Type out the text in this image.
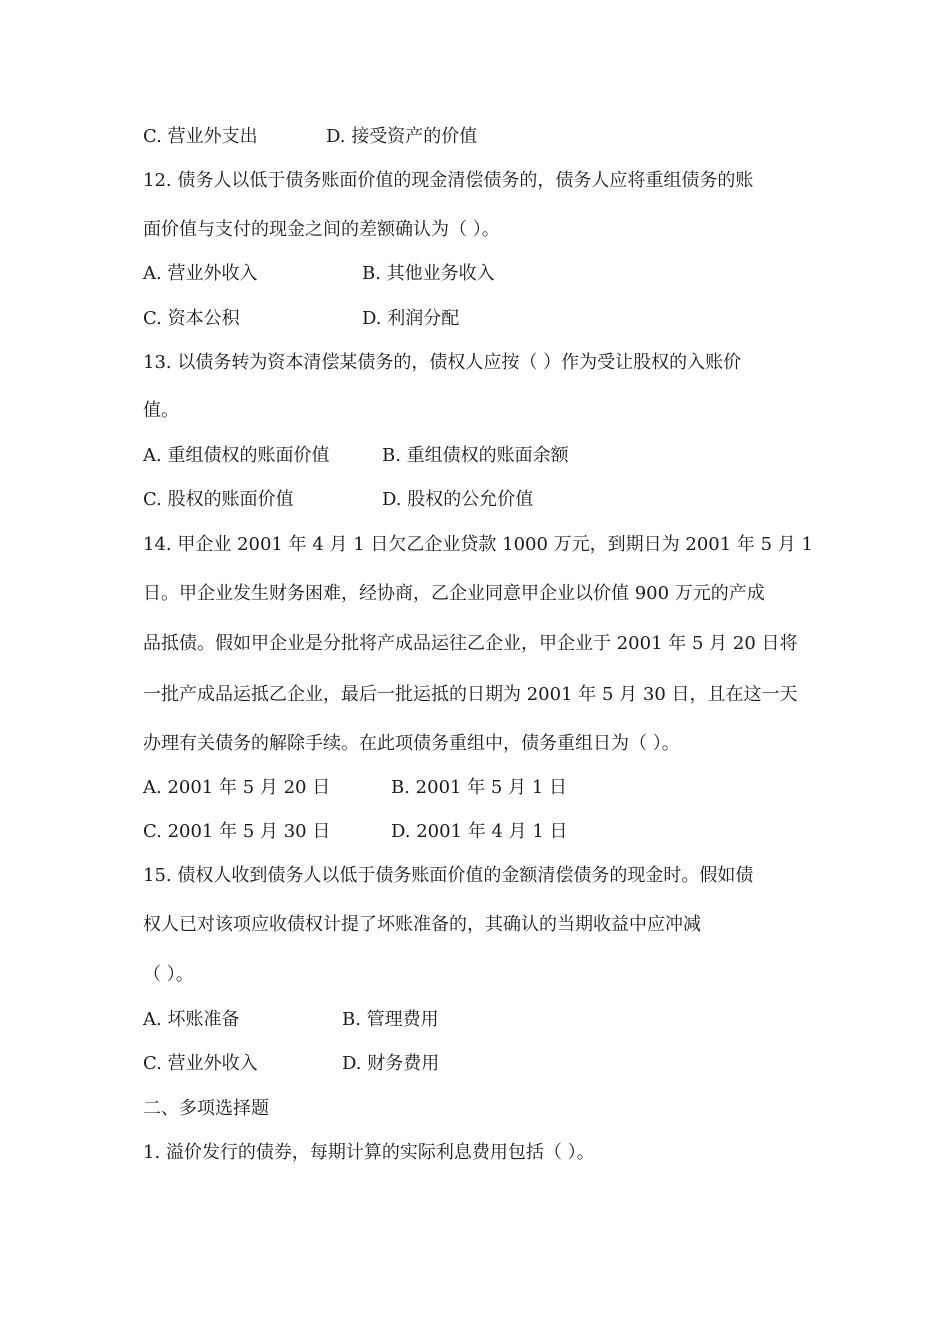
C. 营业外支出	D. 接受资产的价值
12. 债务人以低于债务账面价值的现金清偿债务的，债务人应将重组债务的账
面价值与支付的现金之间的差额确认为（ ）。
A. 营业外收入	B. 其他业务收入
C. 资本公积	D. 利润分配
13. 以债务转为资本清偿某债务的，债权人应按（ ）作为受让股权的入账价
值。
A. 重组债权的账面价值	B. 重组债权的账面余额
C. 股权的账面价值	D. 股权的公允价值
14. 甲企业 2001 年 4 月 1 日欠乙企业贷款 1000 万元，到期日为 2001 年 5 月 1
日。甲企业发生财务困难，经协商，乙企业同意甲企业以价值 900 万元的产成
品抵债。假如甲企业是分批将产成品运往乙企业，甲企业于 2001 年 5 月 20 日将
一批产成品运抵乙企业，最后一批运抵的日期为 2001 年 5 月 30 日，且在这一天
办理有关债务的解除手续。在此项债务重组中，债务重组日为（ ）。
A. 2001 年 5 月 20 日	B. 2001 年 5 月 1 日
C. 2001 年 5 月 30 日	D. 2001 年 4 月 1 日
15. 债权人收到债务人以低于债务账面价值的金额清偿债务的现金时。假如债
权人已对该项应收债权计提了坏账准备的，其确认的当期收益中应冲减
（ ）。
A. 坏账准备	B. 管理费用
C. 营业外收入	D. 财务费用
二、多项选择题
1. 溢价发行的债券，每期计算的实际利息费用包括（ ）。
